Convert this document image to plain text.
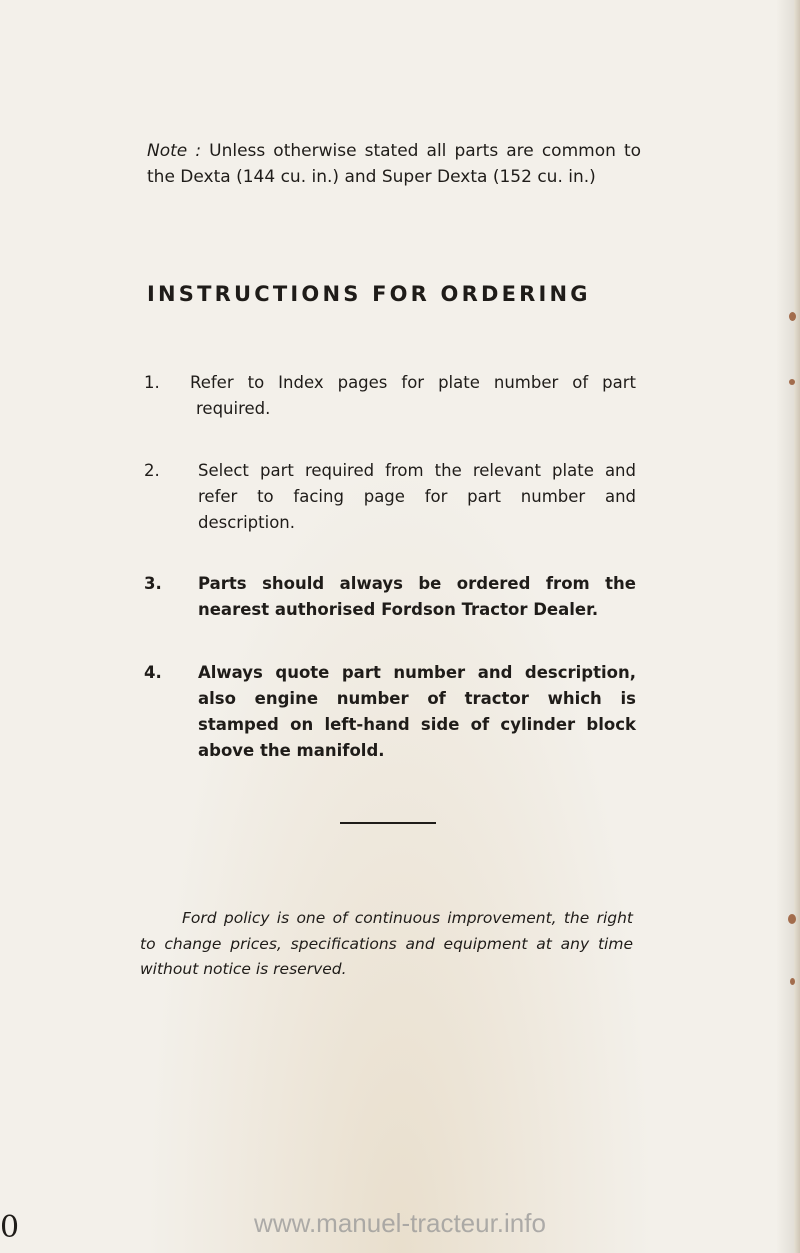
Note : Unless otherwise stated all parts are common to the Dexta (144 cu. in.) and Super Dexta (152 cu. in.)
INSTRUCTIONS FOR ORDERING
1.	Refer to Index pages for plate number of part required.
2.	Select part required from the relevant plate and refer to facing page for part number and description.
3.	Parts should always be ordered from the nearest authorised Fordson Tractor Dealer.
4.	Always quote part number and description, also engine number of tractor which is stamped on left-hand side of cylinder block above the manifold.
Ford policy is one of continuous improvement, the right to change prices, specifications and equipment at any time without notice is reserved.
0	www.manuel-tracteur.info
